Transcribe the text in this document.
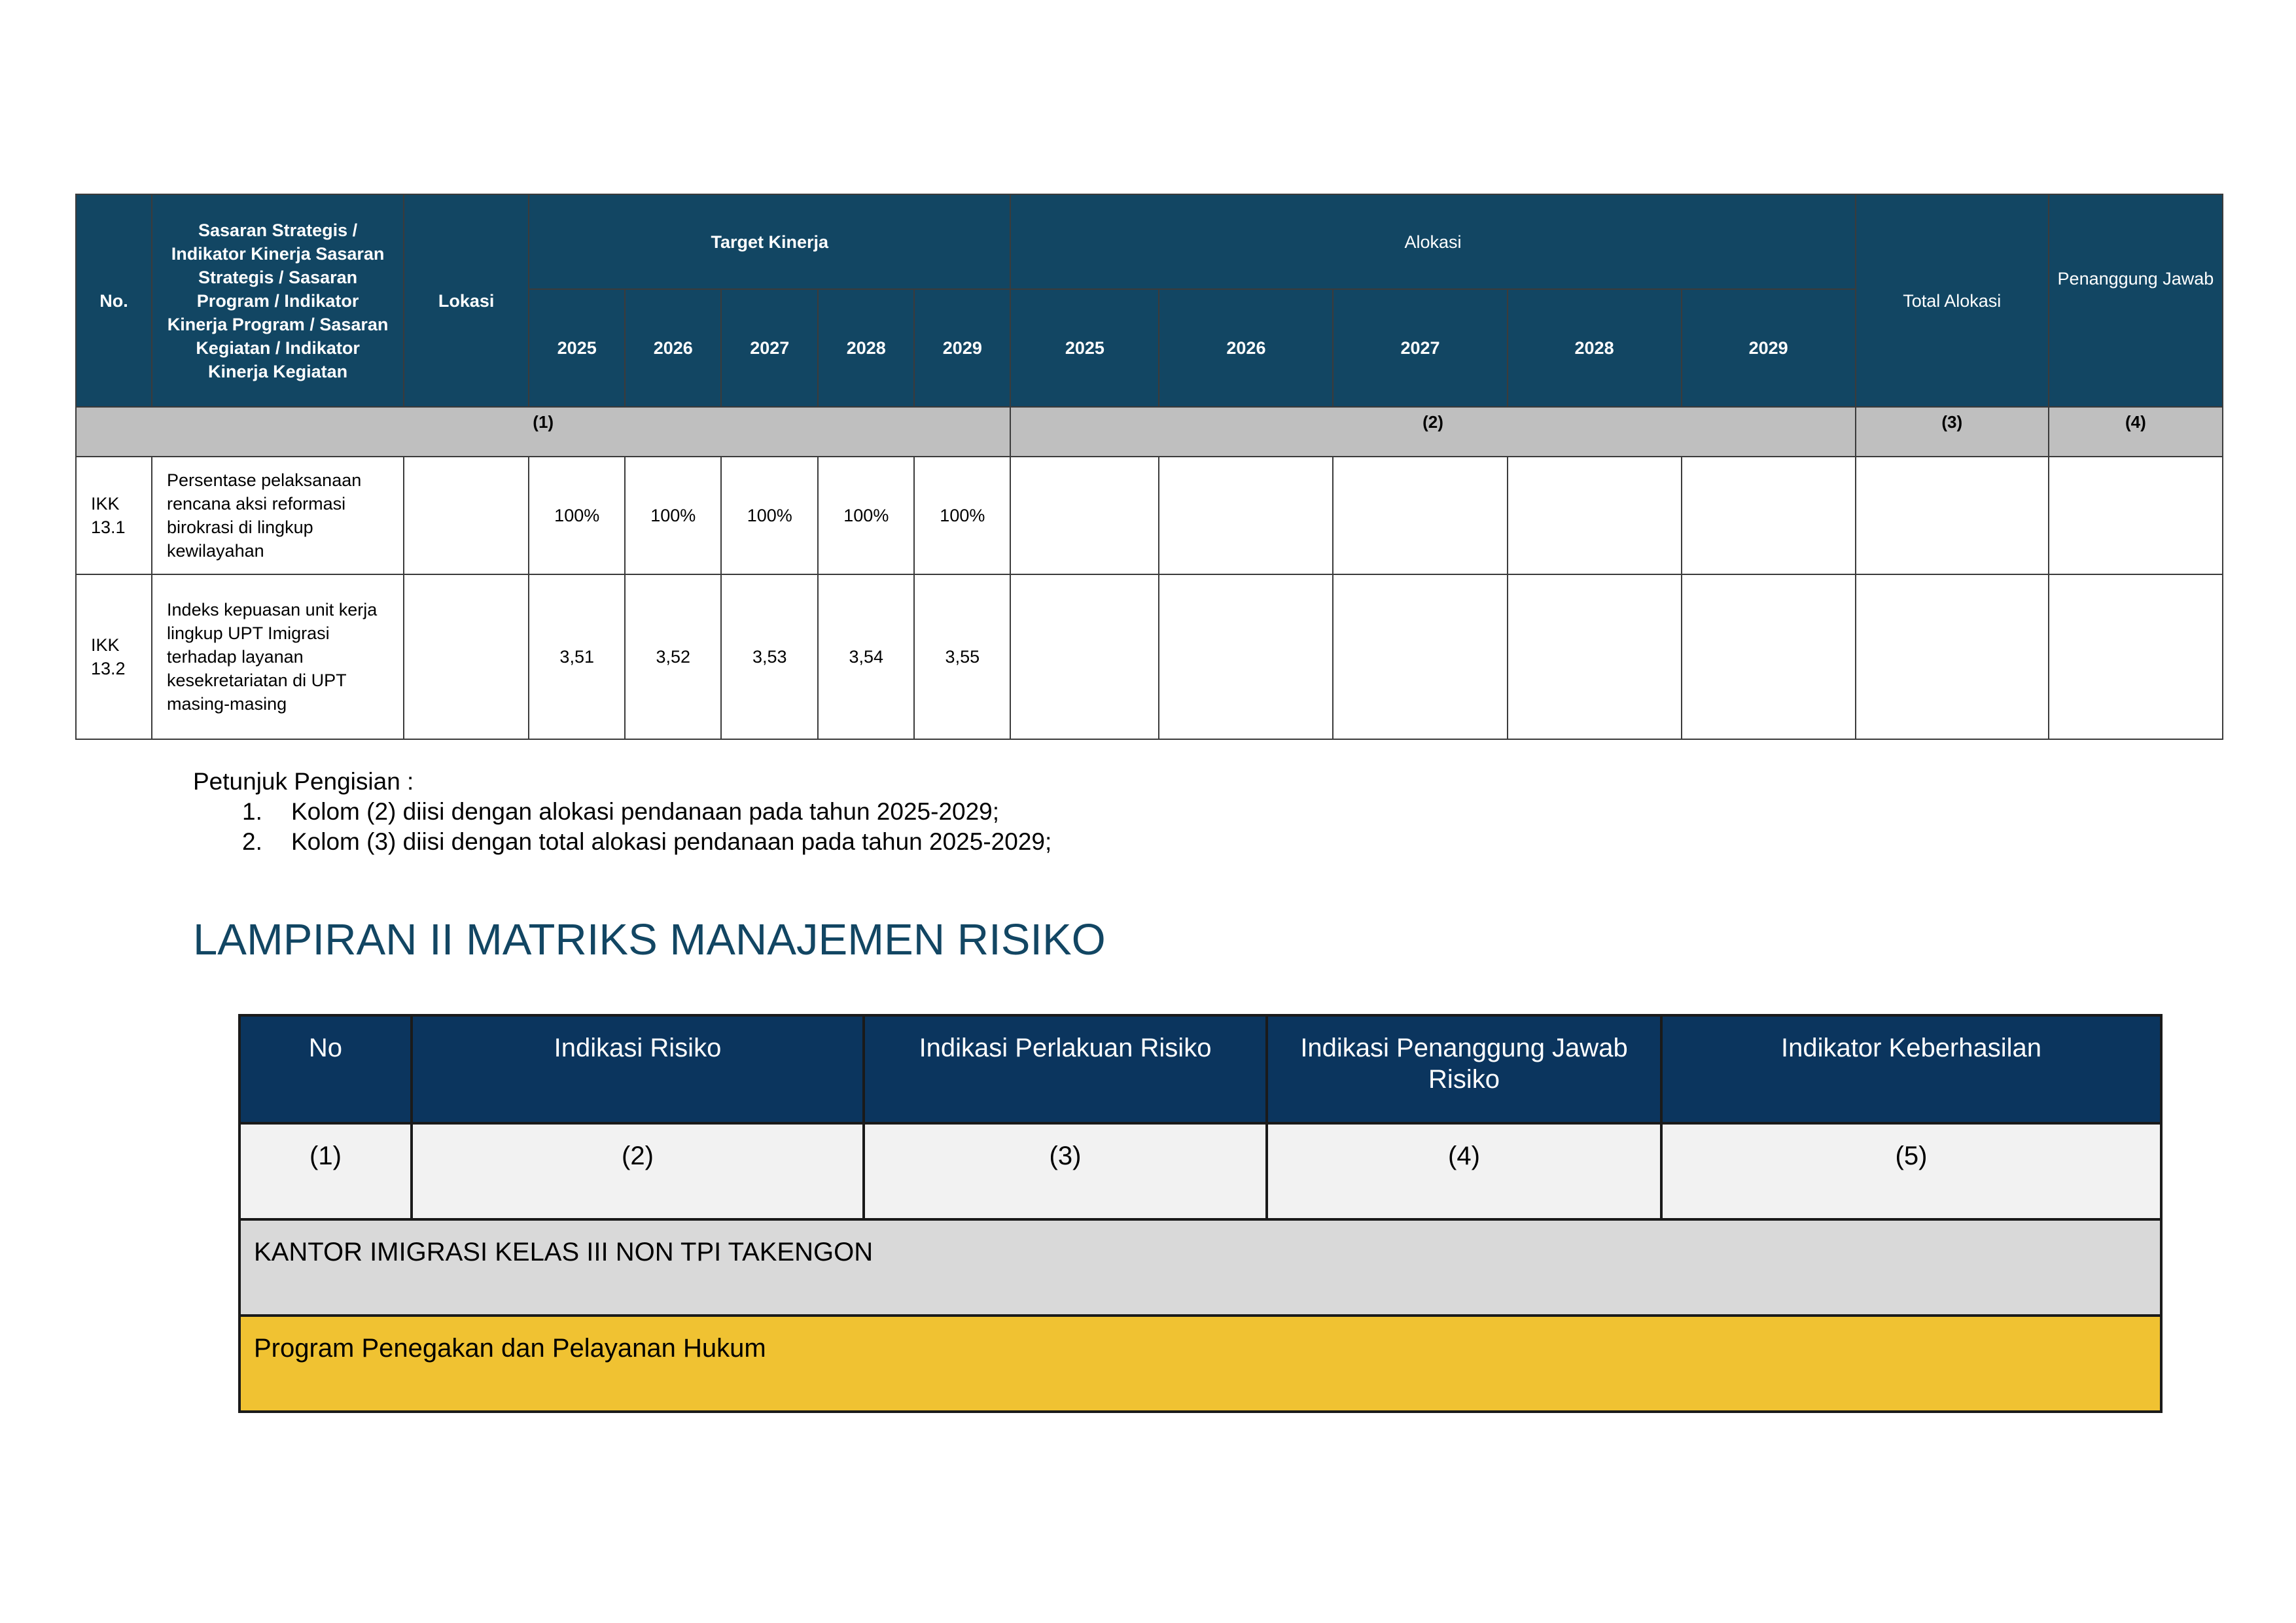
No.	Sasaran Strategis / Indikator Kinerja Sasaran Strategis / Sasaran Program / Indikator Kinerja Program / Sasaran Kegiatan / Indikator Kinerja Kegiatan	Lokasi	Target Kinerja					Alokasi					Total Alokasi	Penanggung Jawab
			2025	2026	2027	2028	2029	2025	2026	2027	2028	2029		
(1)								(2)					(3)	(4)
IKK 13.1	Persentase pelaksanaan rencana aksi reformasi birokrasi di lingkup kewilayahan		100%	100%	100%	100%	100%							
IKK 13.2	Indeks kepuasan unit kerja lingkup UPT Imigrasi terhadap layanan kesekretariatan di UPT masing-masing		3,51	3,52	3,53	3,54	3,55							
Petunjuk Pengisian :
1. Kolom (2) diisi dengan alokasi pendanaan pada tahun 2025-2029;
2. Kolom (3) diisi dengan total alokasi pendanaan pada tahun 2025-2029;
LAMPIRAN II MATRIKS MANAJEMEN RISIKO
No	Indikasi Risiko	Indikasi Perlakuan Risiko	Indikasi Penanggung Jawab Risiko	Indikator Keberhasilan
(1)	(2)	(3)	(4)	(5)
KANTOR IMIGRASI KELAS III NON TPI TAKENGON				
Program Penegakan dan Pelayanan Hukum				
